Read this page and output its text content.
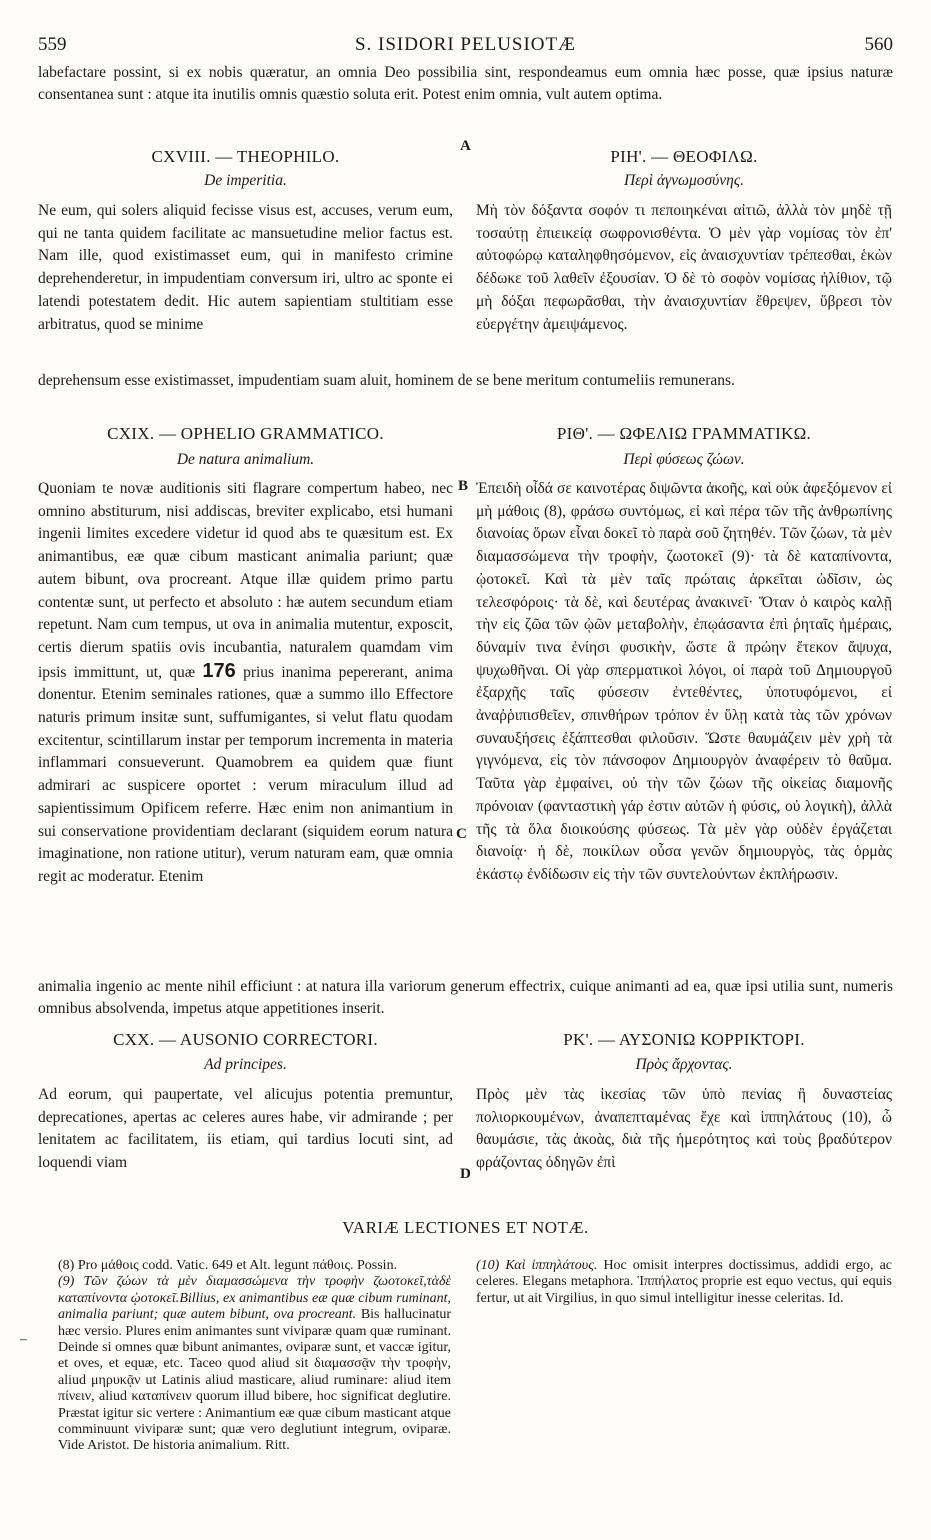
559	S. ISIDORI PELUSIOTÆ	560

labefactare possint, si ex nobis quæratur, an omnia Deo possibilia sint, respondeamus eum omnia hæc posse, quæ ipsius naturæ consentanea sunt : atque ita inutilis omnis quæstio soluta erit. Potest enim omnia, vult autem optima.

CXVIII. — THEOPHILO.

De imperitia.

A

ΡΙΗ'. — ΘΕΟΦΙΛΩ.

Περὶ ἀγνωμοσύνης.

Ne eum, qui solers aliquid fecisse visus est, accuses, verum eum, qui ne tanta quidem facilitate ac mansuetudine melior factus est. Nam ille, quod existimasset eum, qui in manifesto crimine deprehenderetur, in impudentiam conversum iri, ultro ac sponte ei latendi potestatem dedit. Hic autem sapientiam stultitiam esse arbitratus, quod se minime

Μὴ τὸν δόξαντα σοφόν τι πεποιηκέναι αἰτιῶ, ἀλλὰ τὸν μηδὲ τῇ τοσαύτῃ ἐπιεικείᾳ σωφρονισθέντα. Ὁ μὲν γὰρ νομίσας τὸν ἐπ' αὐτοφώρῳ καταληφθησόμενον, εἰς ἀναισχυντίαν τρέπεσθαι, ἑκὼν δέδωκε τοῦ λαθεῖν ἐξουσίαν. Ὁ δὲ τὸ σοφὸν νομίσας ἠλίθιον, τῷ μὴ δόξαι πεφωρᾶσθαι, τὴν ἀναισχυντίαν ἔθρεψεν, ὕβρεσι τὸν εὐεργέτην ἀμειψάμενος.

deprehensum esse existimasset, impudentiam suam aluit, hominem de se bene meritum contumeliis remunerans.

CXIX. — OPHELIO GRAMMATICO.

De natura animalium.

ΡΙΘ'. — ΩΦΕΛΙΩ ΓΡΑΜΜΑΤΙΚΩ.

Περὶ φύσεως ζώων.

B
C

Quoniam te novæ auditionis siti flagrare compertum habeo, nec omnino abstiturum, nisi addiscas, breviter explicabo, etsi humani ingenii limites excedere videtur id quod abs te quæsitum est. Ex animantibus, eæ quæ cibum masticant animalia pariunt; quæ autem bibunt, ova procreant. Atque illæ quidem primo partu contentæ sunt, ut perfecto et absoluto : hæ autem secundum etiam repetunt. Nam cum tempus, ut ova in animalia mutentur, exposcit, certis dierum spatiis ovis incubantia, naturalem quamdam vim ipsis immittunt, ut, quæ 176 prius inanima pepererant, anima donentur. Etenim seminales rationes, quæ a summo illo Effectore naturis primum insitæ sunt, suffumigantes, si velut flatu quodam excitentur, scintillarum instar per temporum incrementa in materia inflammari consueverunt. Quamobrem ea quidem quæ fiunt admirari ac suspicere oportet : verum miraculum illud ad sapientissimum Opificem referre. Hæc enim non animantium in sui conservatione providentiam declarant (siquidem eorum natura imaginatione, non ratione utitur), verum naturam eam, quæ omnia regit ac moderatur. Etenim

Ἐπειδὴ οἶδά σε καινοτέρας διψῶντα ἀκοῆς, καὶ οὐκ ἀφεξόμενον εἰ μὴ μάθοις (8), φράσω συντόμως, εἰ καὶ πέρα τῶν τῆς ἀνθρωπίνης διανοίας ὅρων εἶναι δοκεῖ τὸ παρὰ σοῦ ζητηθέν. Τῶν ζώων, τὰ μὲν διαμασσώμενα τὴν τροφὴν, ζωοτοκεῖ (9)· τὰ δὲ καταπίνοντα, ᾠοτοκεῖ. Καὶ τὰ μὲν ταῖς πρώταις ἀρκεῖται ὠδῖσιν, ὡς τελεσφόροις· τὰ δὲ, καὶ δευτέρας ἀνακινεῖ· Ὅταν ὁ καιρὸς καλῇ τὴν εἰς ζῶα τῶν ᾠῶν μεταβολὴν, ἐπῳάσαντα ἐπὶ ῥηταῖς ἡμέραις, δύναμίν τινα ἐνίησι φυσικὴν, ὥστε ἃ πρώην ἔτεκον ἄψυχα, ψυχωθῆναι. Οἱ γὰρ σπερματικοὶ λόγοι, οἱ παρὰ τοῦ Δημιουργοῦ ἐξαρχῆς ταῖς φύσεσιν ἐντεθέντες, ὑποτυφόμενοι, εἰ ἀναῤῥιπισθεῖεν, σπινθήρων τρόπον ἐν ὕλῃ κατὰ τὰς τῶν χρόνων συναυξήσεις ἐξάπτεσθαι φιλοῦσιν. Ὥστε θαυμάζειν μὲν χρὴ τὰ γιγνόμενα, εἰς τὸν πάνσοφον Δημιουργὸν ἀναφέρειν τὸ θαῦμα. Ταῦτα γὰρ ἐμφαίνει, οὐ τὴν τῶν ζώων τῆς οἰκείας διαμονῆς πρόνοιαν (φανταστικὴ γάρ ἐστιν αὐτῶν ἡ φύσις, οὐ λογικὴ), ἀλλὰ τῆς τὰ ὅλα διοικούσης φύσεως. Τὰ μὲν γὰρ οὐδὲν ἐργάζεται διανοίᾳ· ἡ δὲ, ποικίλων οὖσα γενῶν δημιουργὸς, τὰς ὁρμὰς ἑκάστῳ ἐνδίδωσιν εἰς τὴν τῶν συντελούντων ἐκπλήρωσιν.

animalia ingenio ac mente nihil efficiunt : at natura illa variorum generum effectrix, cuique animanti ad ea, quæ ipsi utilia sunt, numeris omnibus absolvenda, impetus atque appetitiones inserit.

CXX. — AUSONIO CORRECTORI.

Ad principes.

ΡΚ'. — ΑΥΣΟΝΙΩ ΚΟΡΡΙΚΤΟΡΙ.

Πρὸς ἄρχοντας.

D

Ad eorum, qui paupertate, vel alicujus potentia premuntur, deprecationes, apertas ac celeres aures habe, vir admirande ; per lenitatem ac facilitatem, iis etiam, qui tardius locuti sint, ad loquendi viam

Πρὸς μὲν τὰς ἱκεσίας τῶν ὑπὸ πενίας ἢ δυναστείας πολιορκουμένων, ἀναπεπταμένας ἔχε καὶ ἱππηλάτους (10), ὦ θαυμάσιε, τὰς ἀκοὰς, διὰ τῆς ἡμερότητος καὶ τοὺς βραδύτερον φράζοντας ὁδηγῶν ἐπὶ

VARIÆ LECTIONES ET NOTÆ.
–

(8) Pro μάθοις codd. Vatic. 649 et Alt. legunt πάθοις. Possin.

(9) Τῶν ζώων τὰ μὲν διαμασσώμενα τὴν τροφὴν ζωοτοκεῖ,τὰδὲ καταπίνοντα ᾠοτοκεῖ.Billius, ex animantibus eæ quæ cibum ruminant, animalia pariunt; quæ autem bibunt, ova procreant. Bis hallucinatur hæc versio. Plures enim animantes sunt viviparæ quam quæ ruminant. Deinde si omnes quæ bibunt animantes, oviparæ sunt, et vaccæ igitur, et oves, et equæ, etc. Taceo quod aliud sit διαμασσᾷν τὴν τροφὴν, aliud μηρυκᾷν ut Latinis aliud masticare, aliud ruminare: aliud item πίνειν, aliud καταπίνειν quorum illud bibere, hoc significat deglutire. Præstat igitur sic vertere : Animantium eæ quæ cibum masticant atque comminuunt viviparæ sunt; quæ vero deglutiunt integrum, oviparæ. Vide Aristot. De historia animalium. Ritt.

(10) Καὶ ἱππηλάτους. Hoc omisit interpres doctissimus, addidi ergo, ac celeres. Elegans metaphora. Ἱππήλατος proprie est equo vectus, qui equis fertur, ut ait Virgilius, in quo simul intelligitur inesse celeritas. Id.
